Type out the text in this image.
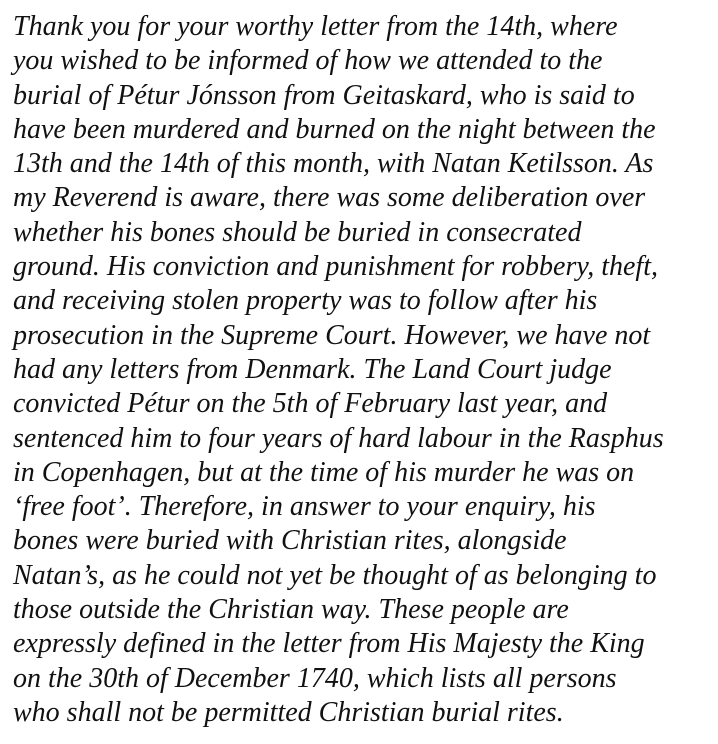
Thank you for your worthy letter from the 14th, where
you wished to be informed of how we attended to the
burial of Pétur Jónsson from Geitaskard, who is said to
have been murdered and burned on the night between the
13th and the 14th of this month, with Natan Ketilsson. As
my Reverend is aware, there was some deliberation over
whether his bones should be buried in consecrated
ground. His conviction and punishment for robbery, theft,
and receiving stolen property was to follow after his
prosecution in the Supreme Court. However, we have not
had any letters from Denmark. The Land Court judge
convicted Pétur on the 5th of February last year, and
sentenced him to four years of hard labour in the Rasphus
in Copenhagen, but at the time of his murder he was on
‘free foot’. Therefore, in answer to your enquiry, his
bones were buried with Christian rites, alongside
Natan’s, as he could not yet be thought of as belonging to
those outside the Christian way. These people are
expressly defined in the letter from His Majesty the King
on the 30th of December 1740, which lists all persons
who shall not be permitted Christian burial rites.
